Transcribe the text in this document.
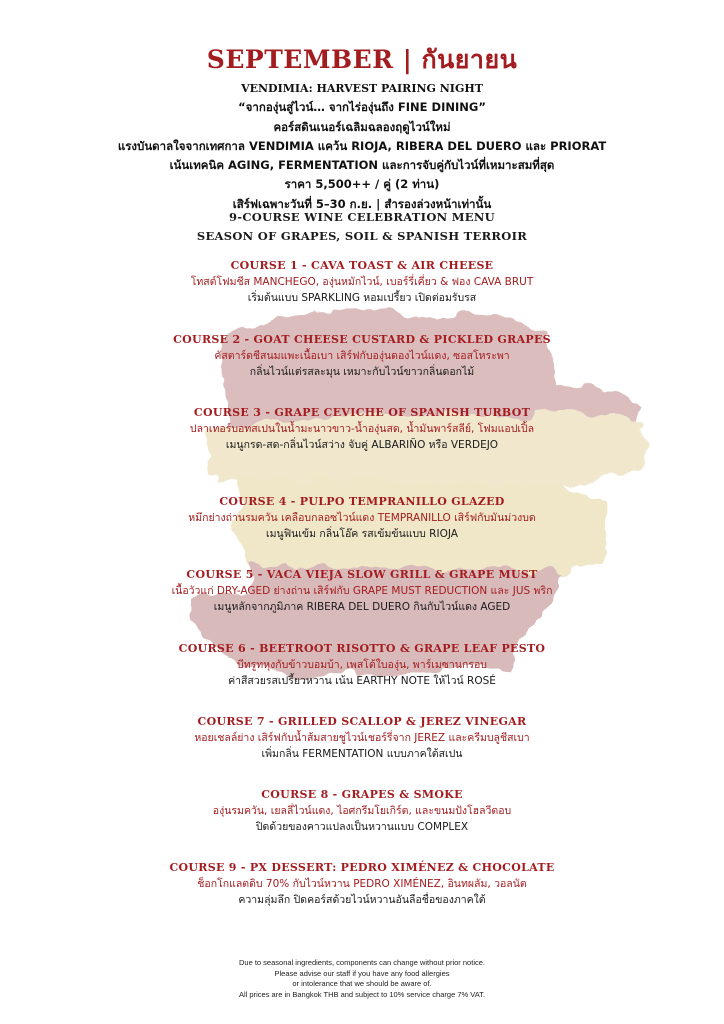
SEPTEMBER | กันยายน
VENDIMIA: HARVEST PAIRING NIGHT
“จากองุ่นสู่ไวน์… จากไร่องุ่นถึง FINE DINING”
คอร์สดินเนอร์เฉลิมฉลองฤดูไวน์ใหม่
แรงบันดาลใจจากเทศกาล VENDIMIA แคว้น RIOJA, RIBERA DEL DUERO และ PRIORAT
เน้นเทคนิค AGING, FERMENTATION และการจับคู่กับไวน์ที่เหมาะสมที่สุด
ราคา 5,500++ / คู่ (2 ท่าน)
เสิร์ฟเฉพาะวันที่ 5–30 ก.ย. | สำรองล่วงหน้าเท่านั้น
9-COURSE WINE CELEBRATION MENU
SEASON OF GRAPES, SOIL & SPANISH TERROIR
COURSE 1 - CAVA TOAST & AIR CHEESE
โทสต์โฟมชีส MANCHEGO, องุ่นหมักไวน์, เบอร์รี่เคี่ยว & ฟอง CAVA BRUT
เริ่มต้นแบบ SPARKLING หอมเปรี้ยว เปิดต่อมรับรส
COURSE 2 - GOAT CHEESE CUSTARD & PICKLED GRAPES
คัสตาร์ดชีสนมแพะเนื้อเบา เสิร์ฟกับองุ่นดองไวน์แดง, ซอสโหระพา
กลิ่นไวน์แต่รสละมุน เหมาะกับไวน์ขาวกลิ่นดอกไม้
COURSE 3 - GRAPE CEVICHE OF SPANISH TURBOT
ปลาเทอร์บอทสเปนในน้ำมะนาวขาว-น้ำองุ่นสด, น้ำมันพาร์สลีย์, โฟมแอปเปิ้ล
เมนูกรด-สด-กลิ่นไวน์สว่าง จับคู่ ALBARIÑO หรือ VERDEJO
COURSE 4 - PULPO TEMPRANILLO GLAZED
หมึกย่างถ่านรมควัน เคลือบกลอซไวน์แดง TEMPRANILLO เสิร์ฟกับมันม่วงบด
เมนูฟินเข้ม กลิ่นโอ๊ค รสเข้มข้นแบบ RIOJA
COURSE 5 - VACA VIEJA SLOW GRILL & GRAPE MUST
เนื้อวัวแก่ DRY-AGED ย่างถ่าน เสิร์ฟกับ GRAPE MUST REDUCTION และ JUS พริก
เมนูหลักจากภูมิภาค RIBERA DEL DUERO กินกับไวน์แดง AGED
COURSE 6 - BEETROOT RISOTTO & GRAPE LEAF PESTO
บีทรูทหุงกับข้าวบอมบ้า, เพสโต้ใบองุ่น, พาร์เมซานกรอบ
ค่าสีสวยรสเปรี้ยวหวาน เน้น EARTHY NOTE ให้ไวน์ ROSÉ
COURSE 7 - GRILLED SCALLOP & JEREZ VINEGAR
หอยเชลล์ย่าง เสิร์ฟกับน้ำส้มสายชูไวน์เชอร์รี่จาก JEREZ และครีมบลูชีสเบา
เพิ่มกลิ่น FERMENTATION แบบภาคใต้สเปน
COURSE 8 - GRAPES & SMOKE
องุ่นรมควัน, เยลลี่ไวน์แดง, ไอศกรีมโยเกิร์ต, และขนมปังโฮลวีตอบ
ปิดด้วยของคาวแปลงเป็นหวานแบบ COMPLEX
COURSE 9 - PX DESSERT: PEDRO XIMÉNEZ & CHOCOLATE
ช็อกโกแลตดิบ 70% กับไวน์หวาน PEDRO XIMÉNEZ, อินทผลัม, วอลนัต
ความลุ่มลึก ปิดคอร์สด้วยไวน์หวานอันลือชื่อของภาคใต้
Due to seasonal ingredients, components can change without prior notice.
Please advise our staff if you have any food allergies
or intolerance that we should be aware of.
All prices are in Bangkok THB and subject to 10% service charge 7% VAT.
